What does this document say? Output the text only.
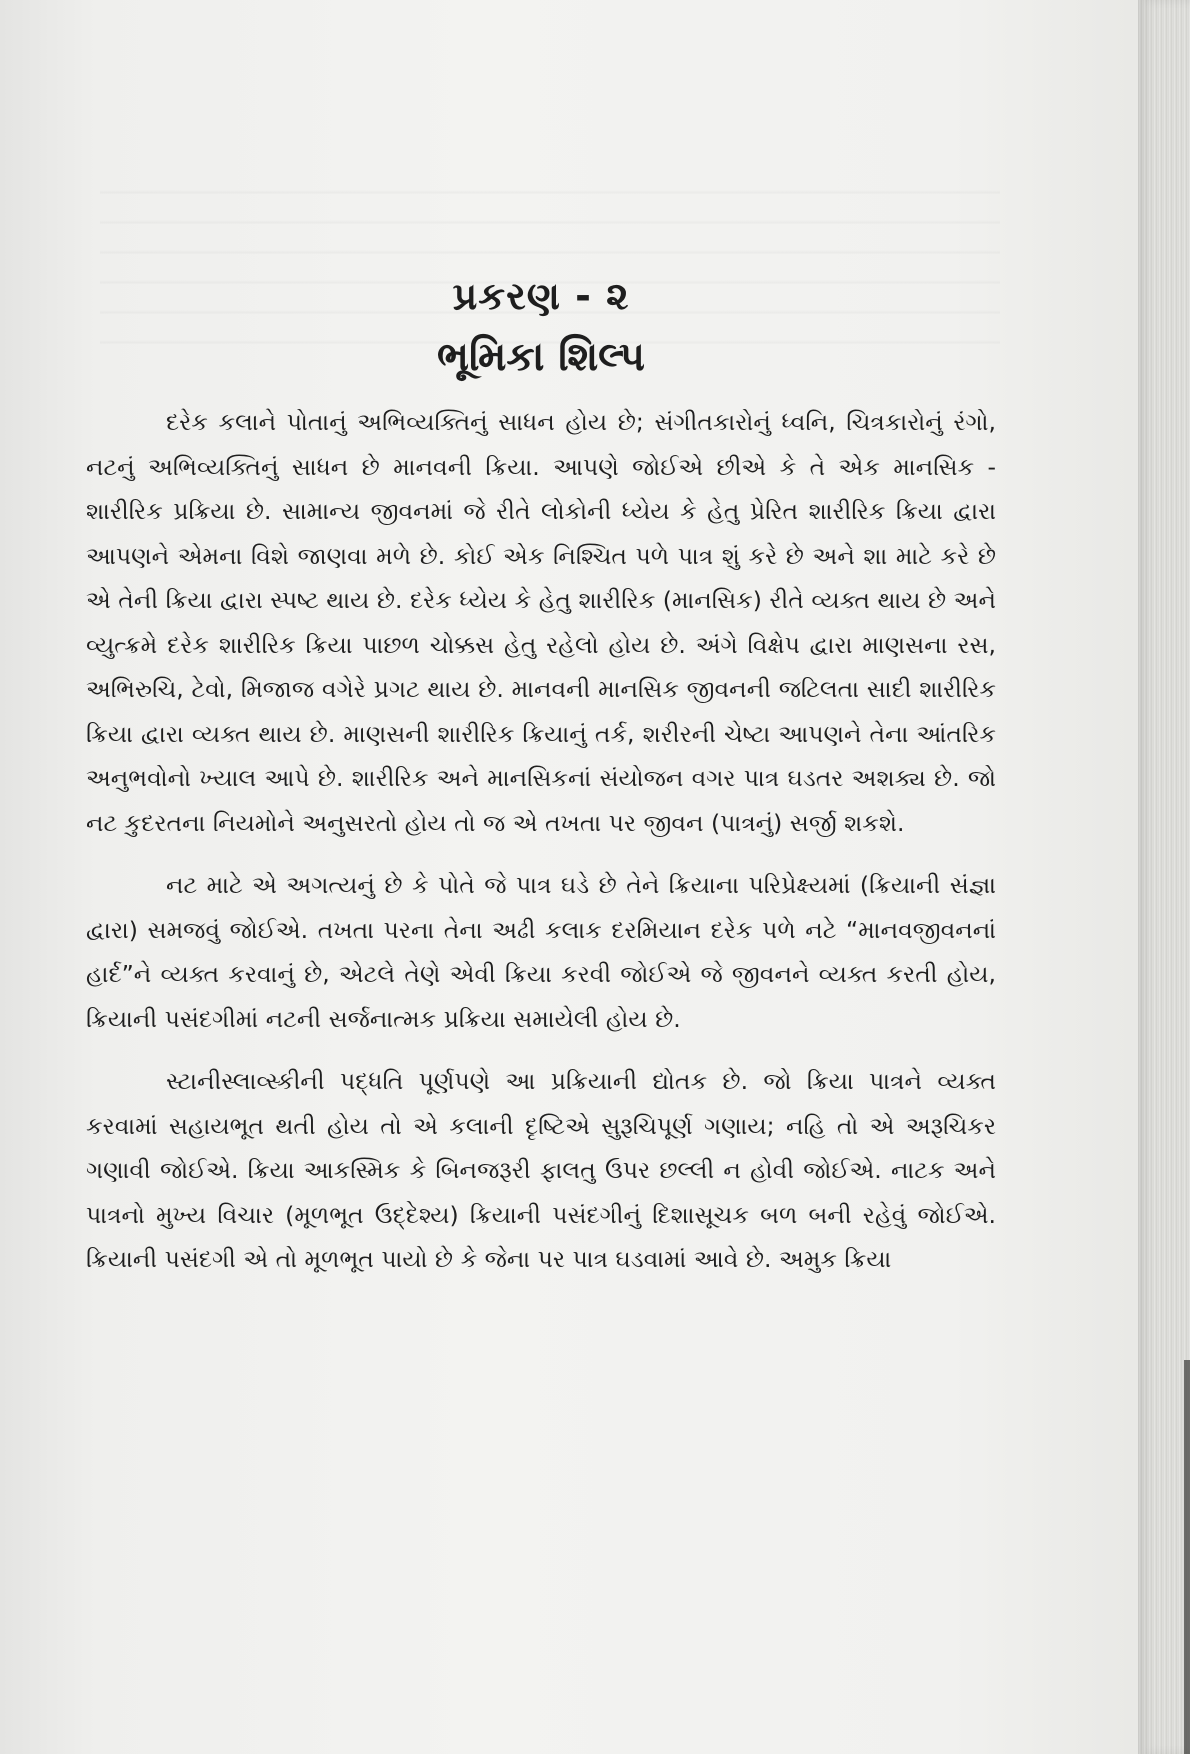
પ્રકરણ - ૨
ભૂમિકા શિલ્પ

દરેક કલાને પોતાનું અભિવ્યક્તિનું સાધન હોય છે; સંગીતકારોનું ધ્વનિ, ચિત્રકારોનું રંગો, નટનું અભિવ્યક્તિનું સાધન છે માનવની ક્રિયા. આપણે જોઈએ છીએ કે તે એક માનસિક - શારીરિક પ્રક્રિયા છે. સામાન્ય જીવનમાં જે રીતે લોકોની ધ્યેય કે હેતુ પ્રેરિત શારીરિક ક્રિયા દ્વારા આપણને એમના વિશે જાણવા મળે છે. કોઈ એક નિશ્ચિત પળે પાત્ર શું કરે છે અને શા માટે કરે છે એ તેની ક્રિયા દ્વારા સ્પષ્ટ થાય છે. દરેક ધ્યેય કે હેતુ શારીરિક (માનસિક) રીતે વ્યક્ત થાય છે અને વ્યુત્ક્રમે દરેક શારીરિક ક્રિયા પાછળ ચોક્કસ હેતુ રહેલો હોય છે. અંગે વિક્ષેપ દ્વારા માણસના રસ, અભિરુચિ, ટેવો, મિજાજ વગેરે પ્રગટ થાય છે. માનવની માનસિક જીવનની જટિલતા સાદી શારીરિક ક્રિયા દ્વારા વ્યક્ત થાય છે. માણસની શારીરિક ક્રિયાનું તર્ક, શરીરની ચેષ્ટા આપણને તેના આંતરિક અનુભવોનો ખ્યાલ આપે છે. શારીરિક અને માનસિકનાં સંયોજન વગર પાત્ર ઘડતર અશક્ય છે. જો નટ કુદરતના નિયમોને અનુસરતો હોય તો જ એ તખતા પર જીવન (પાત્રનું) સર્જી શકશે.

નટ માટે એ અગત્યનું છે કે પોતે જે પાત્ર ઘડે છે તેને ક્રિયાના પરિપ્રેક્ષ્યમાં (ક્રિયાની સંજ્ઞા દ્વારા) સમજવું જોઈએ. તખતા પરના તેના અઢી કલાક દરમિયાન દરેક પળે નટે “માનવજીવનનાં હાર્દ”ને વ્યક્ત કરવાનું છે, એટલે તેણે એવી ક્રિયા કરવી જોઈએ જે જીવનને વ્યક્ત કરતી હોય, ક્રિયાની પસંદગીમાં નટની સર્જનાત્મક પ્રક્રિયા સમાયેલી હોય છે.

સ્ટાનીસ્લાવ્સ્કીની પદ્ધતિ પૂર્ણપણે આ પ્રક્રિયાની દ્યોતક છે. જો ક્રિયા પાત્રને વ્યક્ત કરવામાં સહાયભૂત થતી હોય તો એ કલાની દૃષ્ટિએ સુરૂચિપૂર્ણ ગણાય; નહિ તો એ અરૂચિકર ગણાવી જોઈએ. ક્રિયા આકસ્મિક કે બિનજરૂરી ફાલતુ ઉપર છલ્લી ન હોવી જોઈએ. નાટક અને પાત્રનો મુખ્ય વિચાર (મૂળભૂત ઉદ્દેશ્ય) ક્રિયાની પસંદગીનું દિશાસૂચક બળ બની રહેવું જોઈએ. ક્રિયાની પસંદગી એ તો મૂળભૂત પાયો છે કે જેના પર પાત્ર ઘડવામાં આવે છે. અમુક ક્રિયા
